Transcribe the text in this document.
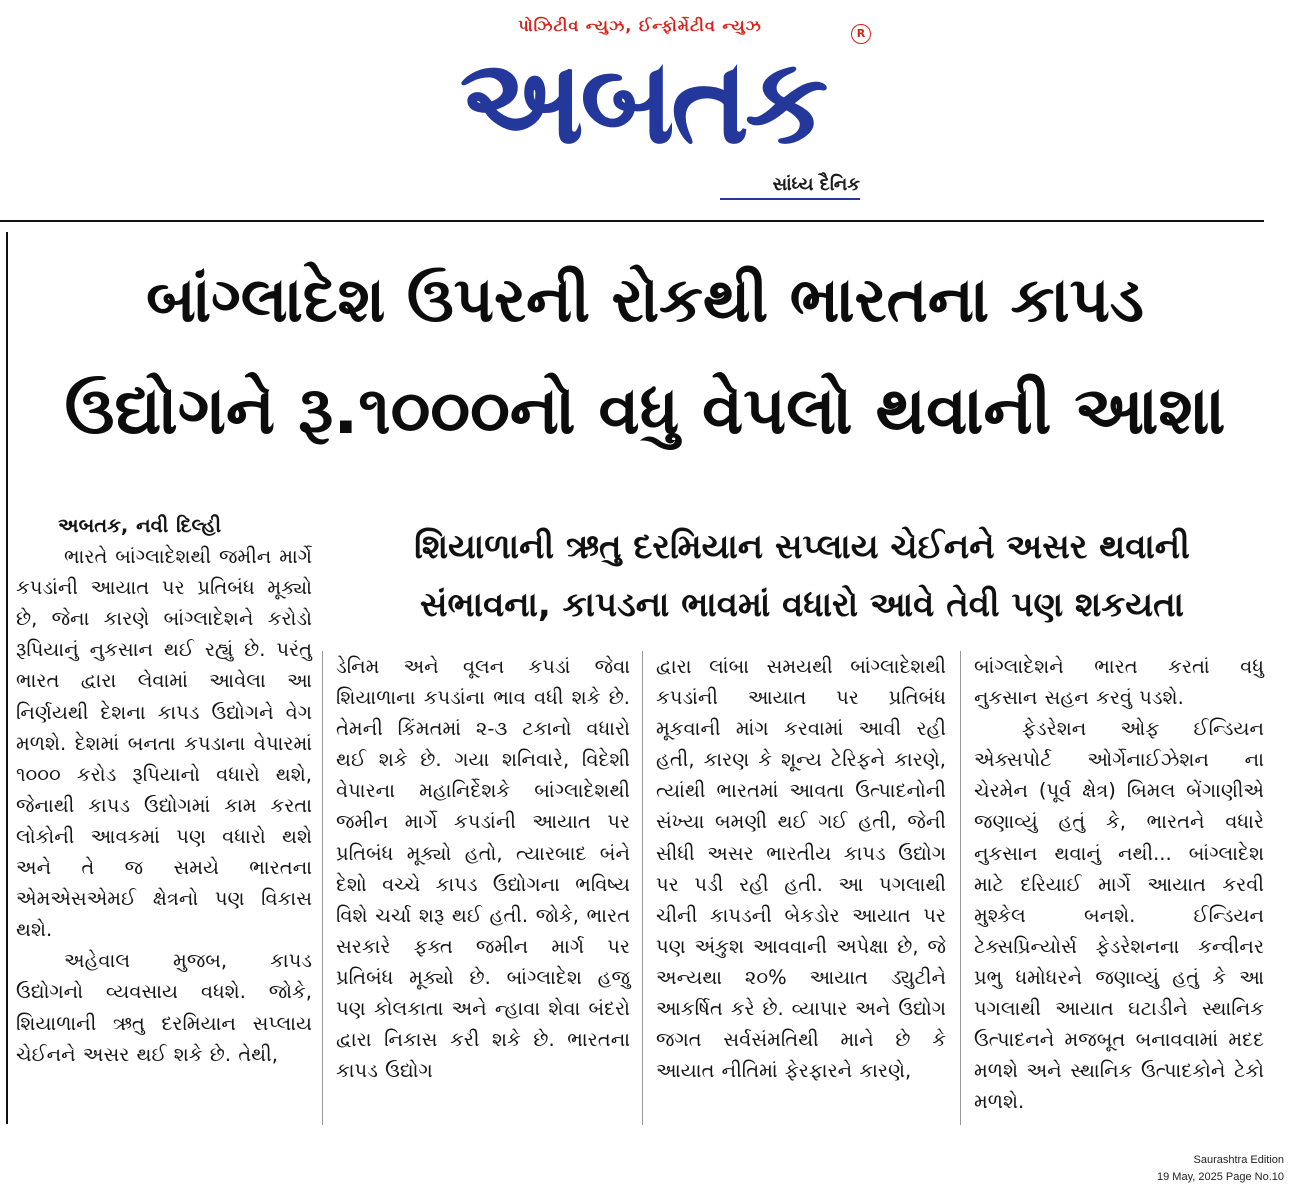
પોઝિટીવ ન્યુઝ, ઈન્ફોર્મેટીવ ન્યુઝ	R
અબતક
સાંધ્ય દૈનિક
બાંગ્લાદેશ ઉપરની રોકથી ભારતના કાપડ
ઉદ્યોગને રૂ.૧૦૦૦નો વધુ વેપલો થવાની આશા
શિયાળાની ઋતુ દરમિયાન સપ્લાય ચેઈનને અસર થવાની
સંભાવના, કાપડના ભાવમાં વધારો આવે તેવી પણ શકયતા

અબતક, નવી દિલ્હી

ભારતે બાંગ્લાદેશથી જમીન માર્ગે કપડાંની આયાત પર પ્રતિબંધ મૂક્યો છે, જેના કારણે બાંગ્લાદેશને કરોડો રૂપિયાનું નુકસાન થઈ રહ્યું છે. પરંતુ ભારત દ્વારા લેવામાં આવેલા આ નિર્ણયથી દેશના કાપડ ઉદ્યોગને વેગ મળશે. દેશમાં બનતા કપડાના વેપારમાં ૧૦૦૦ કરોડ રૂપિયાનો વધારો થશે, જેનાથી કાપડ ઉદ્યોગમાં કામ કરતા લોકોની આવકમાં પણ વધારો થશે અને તે જ સમયે ભારતના એમએસએમઈ ક્ષેત્રનો પણ વિકાસ થશે.

અહેવાલ મુજબ, કાપડ ઉદ્યોગનો વ્યવસાય વધશે. જોકે, શિયાળાની ઋતુ દરમિયાન સપ્લાય ચેઈનને અસર થઈ શકે છે. તેથી,

ડેનિમ અને વૂલન કપડાં જેવા શિયાળાના કપડાંના ભાવ વધી શકે છે. તેમની કિંમતમાં ૨-૩ ટકાનો વધારો થઈ શકે છે. ગયા શનિવારે, વિદેશી વેપારના મહાનિર્દેશકે બાંગ્લાદેશથી જમીન માર્ગે કપડાંની આયાત પર પ્રતિબંધ મૂક્યો હતો, ત્યારબાદ બંને દેશો વચ્ચે કાપડ ઉદ્યોગના ભવિષ્ય વિશે ચર્ચા શરૂ થઈ હતી. જોકે, ભારત સરકારે ફક્ત જમીન માર્ગ પર પ્રતિબંધ મૂક્યો છે. બાંગ્લાદેશ હજુ પણ કોલકાતા અને ન્હાવા શેવા બંદરો દ્વારા નિકાસ કરી શકે છે. ભારતના કાપડ ઉદ્યોગ

દ્વારા લાંબા સમયથી બાંગ્લાદેશથી કપડાંની આયાત પર પ્રતિબંધ મૂકવાની માંગ કરવામાં આવી રહી હતી, કારણ કે શૂન્ય ટેરિફને કારણે, ત્યાંથી ભારતમાં આવતા ઉત્પાદનોની સંખ્યા બમણી થઈ ગઈ હતી, જેની સીધી અસર ભારતીય કાપડ ઉદ્યોગ પર પડી રહી હતી. આ પગલાથી ચીની કાપડની બેકડોર આયાત પર પણ અંકુશ આવવાની અપેક્ષા છે, જે અન્યથા ૨૦% આયાત ડ્યુટીને આકર્ષિત કરે છે. વ્યાપાર અને ઉદ્યોગ જગત સર્વસંમતિથી માને છે કે આયાત નીતિમાં ફેરફારને કારણે,

બાંગ્લાદેશને ભારત કરતાં વધુ નુકસાન સહન કરવું પડશે.

ફેડરેશન ઓફ ઈન્ડિયન એક્સપોર્ટ ઓર્ગેનાઈઝેશન ના ચેરમેન (પૂર્વ ક્ષેત્ર) બિમલ બેંગાણીએ જણાવ્યું હતું કે, ભારતને વધારે નુકસાન થવાનું નથી... બાંગ્લાદેશ માટે દરિયાઈ માર્ગે આયાત કરવી મુશ્કેલ બનશે. ઈન્ડિયન ટેક્સપ્રિન્યોર્સ ફેડરેશનના કન્વીનર પ્રભુ ધમોધરને જણાવ્યું હતું કે આ પગલાથી આયાત ઘટાડીને સ્થાનિક ઉત્પાદનને મજબૂત બનાવવામાં મદદ મળશે અને સ્થાનિક ઉત્પાદકોને ટેકો મળશે.

Saurashtra Edition
19 May, 2025 Page No.10
